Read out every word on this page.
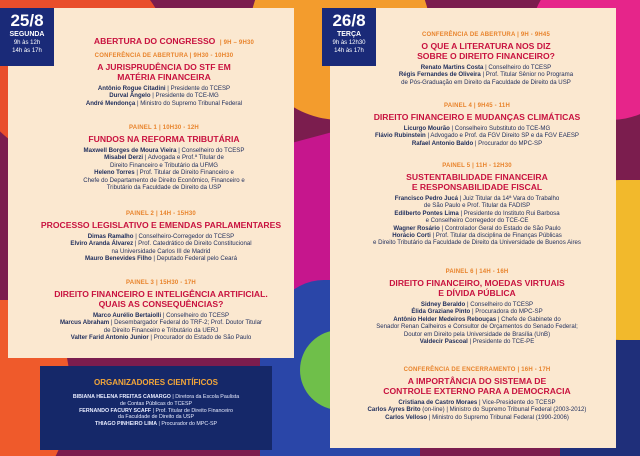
25/8
SEGUNDA
9h às 12h
14h às 17h
ABERTURA DO CONGRESSO | 9H – 9H30
CONFERÊNCIA DE ABERTURA | 9H30 - 10H30
A JURISPRUDÊNCIA DO STF EM
MATÉRIA FINANCEIRA
Antônio Rogue Citadini | Presidente do TCESP
Durval Ângelo | Presidente do TCE-MG
André Mendonça | Ministro do Supremo Tribunal Federal
PAINEL 1 | 10H30 - 12H
FUNDOS NA REFORMA TRIBUTÁRIA
Maxwell Borges de Moura Vieira | Conselheiro do TCESP
Misabel Derzi | Advogada e Prof.ª Titular de
Direito Financeiro e Tributário da UFMG
Heleno Torres | Prof. Titular de Direito Financeiro e
Chefe do Departamento de Direito Econômico, Financeiro e
Tributário da Faculdade de Direito da USP
PAINEL 2 | 14H - 15H30
PROCESSO LEGISLATIVO E EMENDAS PARLAMENTARES
Dimas Ramalho | Conselheiro-Corregedor do TCESP
Elviro Aranda Álvarez | Prof. Catedrático de Direito Constitucional
na Universidade Carlos III de Madrid
Mauro Benevides Filho | Deputado Federal pelo Ceará
PAINEL 3 | 15H30 - 17H
DIREITO FINANCEIRO E INTELIGÊNCIA ARTIFICIAL.
QUAIS AS CONSEQUÊNCIAS?
Marco Aurélio Bertaiolli | Conselheiro do TCESP
Marcus Abraham | Desembargador Federal do TRF-2; Prof. Doutor Titular
de Direito Financeiro e Tributário da UERJ
Valter Farid Antonio Junior | Procurador do Estado de São Paulo
ORGANIZADORES CIENTÍFICOS
BIBIANA HELENA FREITAS CAMARGO | Diretora da Escola Paulista
de Contas Públicas do TCESP
FERNANDO FACURY SCAFF | Prof. Titular de Direito Financeiro
da Faculdade de Direito da USP
THIAGO PINHEIRO LIMA | Procurador do MPC-SP
26/8
TERÇA
9h às 12h30
14h às 17h
CONFERÊNCIA DE ABERTURA | 9H - 9H45
O QUE A LITERATURA NOS DIZ
SOBRE O DIREITO FINANCEIRO?
Renato Martins Costa | Conselheiro do TCESP
Régis Fernandes de Oliveira | Prof. Titular Sênior no Programa
de Pós-Graduação em Direito da Faculdade de Direito da USP
PAINEL 4 | 9H45 - 11H
DIREITO FINANCEIRO E MUDANÇAS CLIMÁTICAS
Licurgo Mourão | Conselheiro Substituto do TCE-MG
Flávio Rubinstein | Advogado e Prof. da FGV Direito SP e da FGV EAESP
Rafael Antonio Baldo | Procurador do MPC-SP
PAINEL 5 | 11H - 12H30
SUSTENTABILIDADE FINANCEIRA
E RESPONSABILIDADE FISCAL
Francisco Pedro Jucá | Juiz Titular da 14ª Vara do Trabalho
de São Paulo e Prof. Titular da FADISP
Edilberto Pontes Lima | Presidente do Instituto Rui Barbosa
e Conselheiro Corregedor do TCE-CE
Wagner Rosário | Controlador Geral do Estado de São Paulo
Horácio Corti | Prof. Titular da disciplina de Finanças Públicas
e Direito Tributário da Faculdade de Direito da Universidade de Buenos Aires
PAINEL 6 | 14H - 16H
DIREITO FINANCEIRO, MOEDAS VIRTUAIS
E DÍVIDA PÚBLICA
Sidney Beraldo | Conselheiro do TCESP
Élida Graziane Pinto | Procuradora do MPC-SP
Antônio Helder Medeiros Rebouças | Chefe de Gabinete do
Senador Renan Calheiros e Consultor de Orçamentos do Senado Federal;
Doutor em Direito pela Universidade de Brasília (UnB)
Valdecir Pascoal | Presidente do TCE-PE
CONFERÊNCIA DE ENCERRAMENTO | 16H - 17H
A IMPORTÂNCIA DO SISTEMA DE
CONTROLE EXTERNO PARA A DEMOCRACIA
Cristiana de Castro Moraes | Vice-Presidente do TCESP
Carlos Ayres Brito (on-line) | Ministro do Supremo Tribunal Federal (2003-2012)
Carlos Velloso | Ministro do Supremo Tribunal Federal (1990-2006)
